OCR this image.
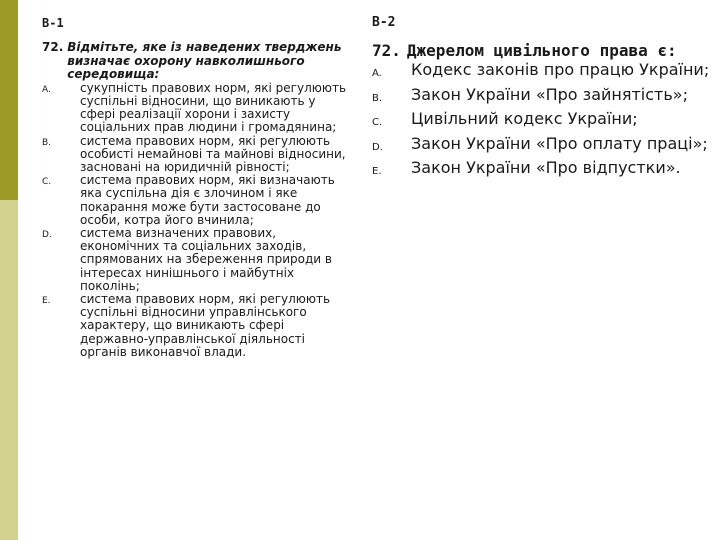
В-1
72. Відмітьте, яке із наведених тверджень визначає охорону навколишнього середовища:
A.	сукупність правових норм, які регулюють суспільні відносини, що виникають у сфері реалізації хорони і захисту соціальних прав людини і громадянина;
B.	система правових норм, які регулюють особисті немайнові та майнові відносини, засновані на юридичній рівності;
C.	система правових норм, які визначають яка суспільна дія є злочином і яке покарання може бути застосоване до особи, котра його вчинила;
D.	система визначених правових, економічних та соціальних заходів, спрямованих на збереження природи в інтересах нинішнього і майбутніх поколінь;
E.	система правових норм, які регулюють суспільні відносини управлінського характеру, що виникають сфері державно-управлінської діяльності органів виконавчої влади.
В-2
72. Джерелом цивільного права є:
A.	Кодекс законів про працю України;
B.	Закон України «Про зайнятість»;
C.	Цивільний кодекс України;
D.	Закон України «Про оплату праці»;
E.	Закон України «Про відпустки».
